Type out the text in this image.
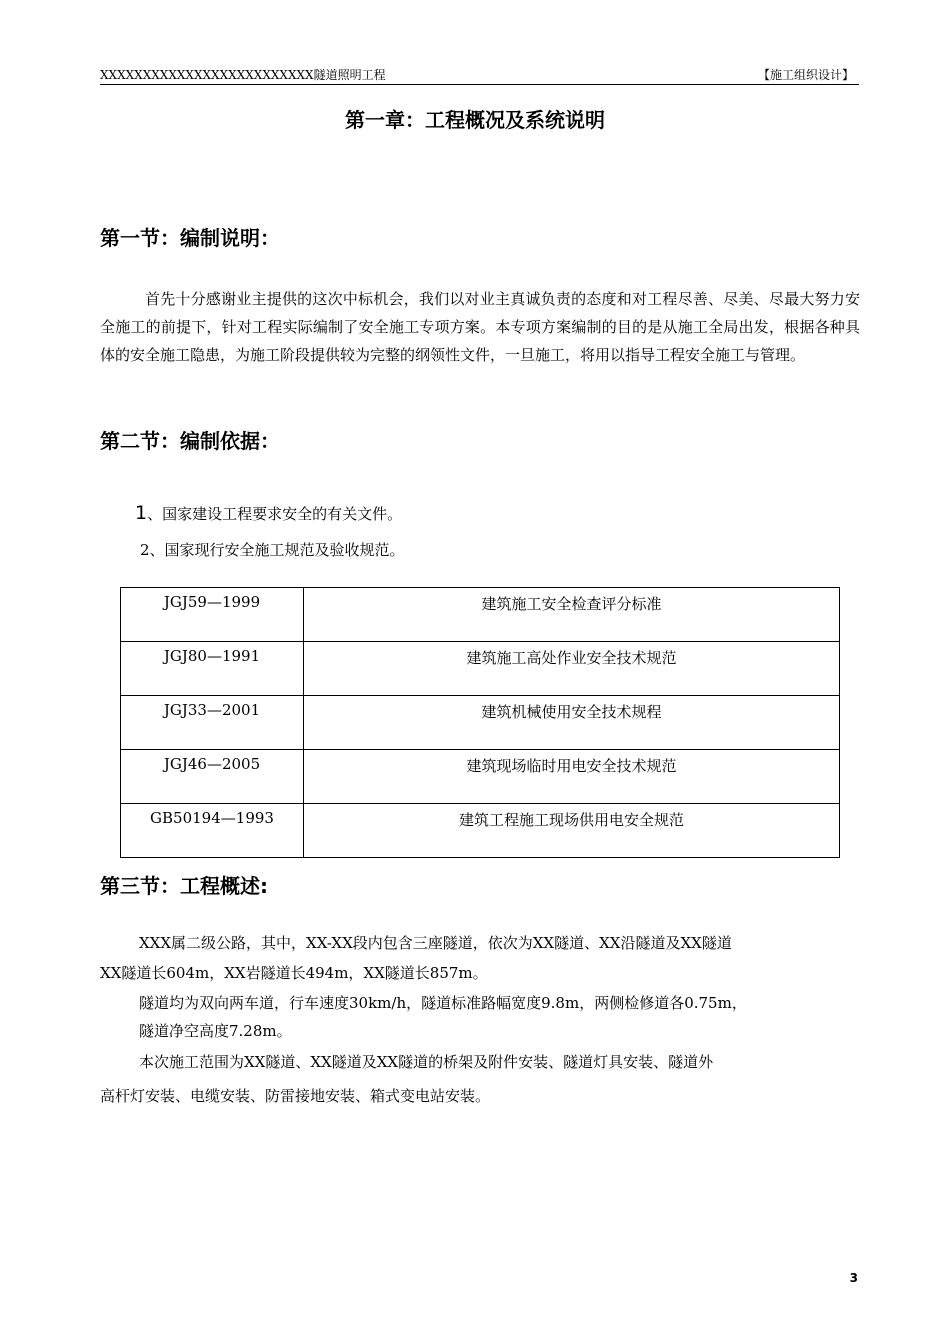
XXXXXXXXXXXXXXXXXXXXXXXXX隧道照明工程	【施工组织设计】
第一章：工程概况及系统说明
第一节：编制说明：
首先十分感谢业主提供的这次中标机会，我们以对业主真诚负责的态度和对工程尽善、尽美、尽最大努力安全施工的前提下，针对工程实际编制了安全施工专项方案。本专项方案编制的目的是从施工全局出发，根据各种具体的安全施工隐患，为施工阶段提供较为完整的纲领性文件，一旦施工，将用以指导工程安全施工与管理。
第二节：编制依据：
1、国家建设工程要求安全的有关文件。
2、国家现行安全施工规范及验收规范。
JGJ59—1999	建筑施工安全检查评分标准
JGJ80—1991	建筑施工高处作业安全技术规范
JGJ33—2001	建筑机械使用安全技术规程
JGJ46—2005	建筑现场临时用电安全技术规范
GB50194—1993	建筑工程施工现场供用电安全规范
第三节：工程概述:
XXX属二级公路，其中，XX-XX段内包含三座隧道，依次为XX隧道、XX沿隧道及XX隧道
XX隧道长604m，XX岩隧道长494m，XX隧道长857m。
隧道均为双向两车道，行车速度30km/h，隧道标准路幅宽度9.8m，两侧检修道各0.75m，
隧道净空高度7.28m。
本次施工范围为XX隧道、XX隧道及XX隧道的桥架及附件安装、隧道灯具安装、隧道外
高杆灯安装、电缆安装、防雷接地安装、箱式变电站安装。
3
